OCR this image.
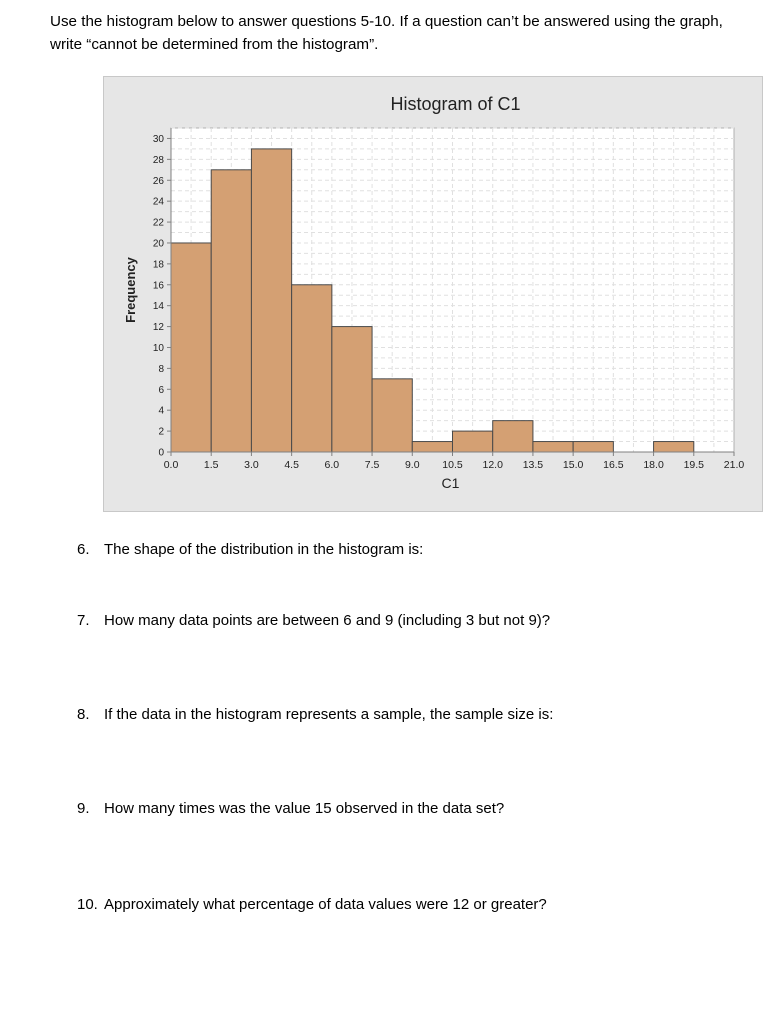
Use the histogram below to answer questions 5-10. If a question can’t be answered using the graph, write “cannot be determined from the histogram”.

0
2
4
6
8
10
12
14
16
18
20
22
24
26
28
30
0.0 1.5 3.0 4.5 6.0 7.5 9.0 10.5 12.0 13.5 15.0 16.5 18.0 19.5 21.0
Histogram of C1
C1
Frequency

6. The shape of the distribution in the histogram is:

7. How many data points are between 6 and 9 (including 3 but not 9)?

8. If the data in the histogram represents a sample, the sample size is:

9. How many times was the value 15 observed in the data set?

10. Approximately what percentage of data values were 12 or greater?
